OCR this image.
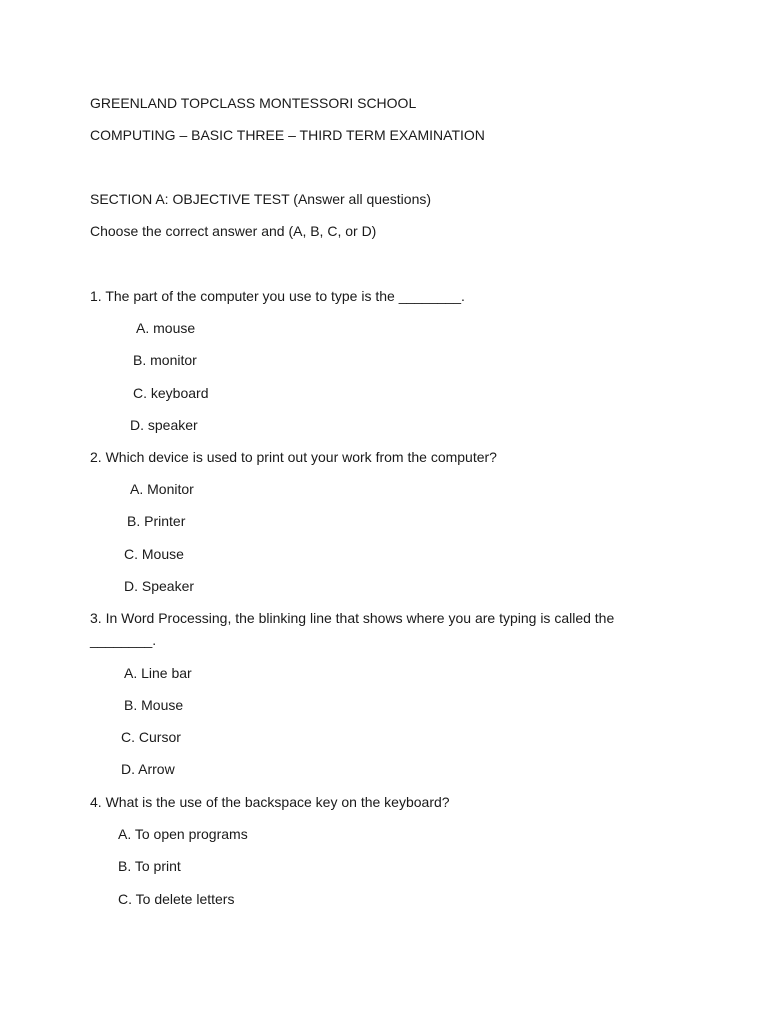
GREENLAND TOPCLASS MONTESSORI SCHOOL
COMPUTING – BASIC THREE – THIRD TERM EXAMINATION
SECTION A: OBJECTIVE TEST (Answer all questions)
Choose the correct answer and (A, B, C, or D)
1. The part of the computer you use to type is the ________.
A. mouse
B. monitor
C. keyboard
D. speaker
2. Which device is used to print out your work from the computer?
A. Monitor
B. Printer
C. Mouse
D. Speaker
3. In Word Processing, the blinking line that shows where you are typing is called the ________.
A. Line bar
B. Mouse
C. Cursor
D. Arrow
4. What is the use of the backspace key on the keyboard?
A. To open programs
B. To print
C. To delete letters
